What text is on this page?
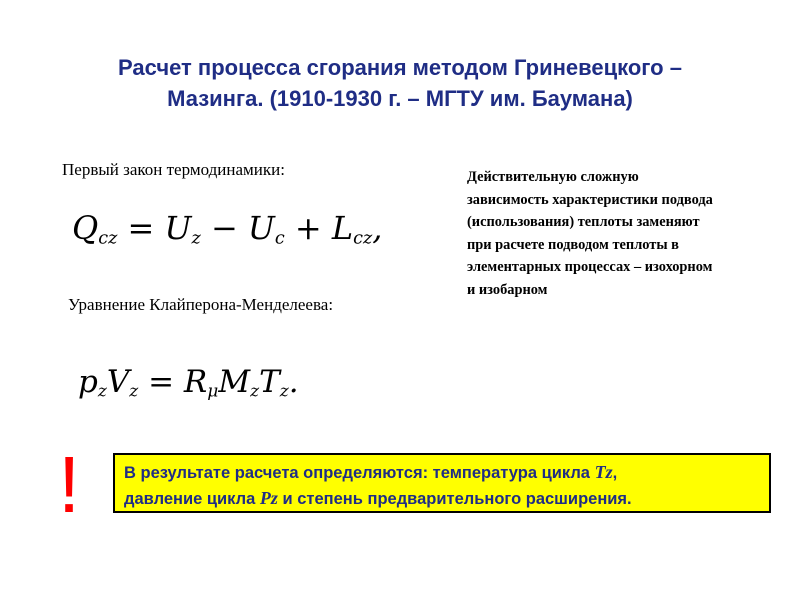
Расчет процесса сгорания методом Гриневецкого –
Мазинга. (1910-1930 г. – МГТУ им. Баумана)
Первый закон термодинамики:
$Q_{cz} = U_z - U_c + L_{cz}$,
Уравнение Клайперона-Менделеева:
$p_zV_z = R_\mu M_zT_z$.
Действительную сложную
зависимость характеристики подвода
(использования) теплоты заменяют
при расчете подводом теплоты в
элементарных процессах – изохорном
и изобарном
!	В результате расчета определяются: температура цикла Tz,
давление цикла Pz и степень предварительного расширения.
